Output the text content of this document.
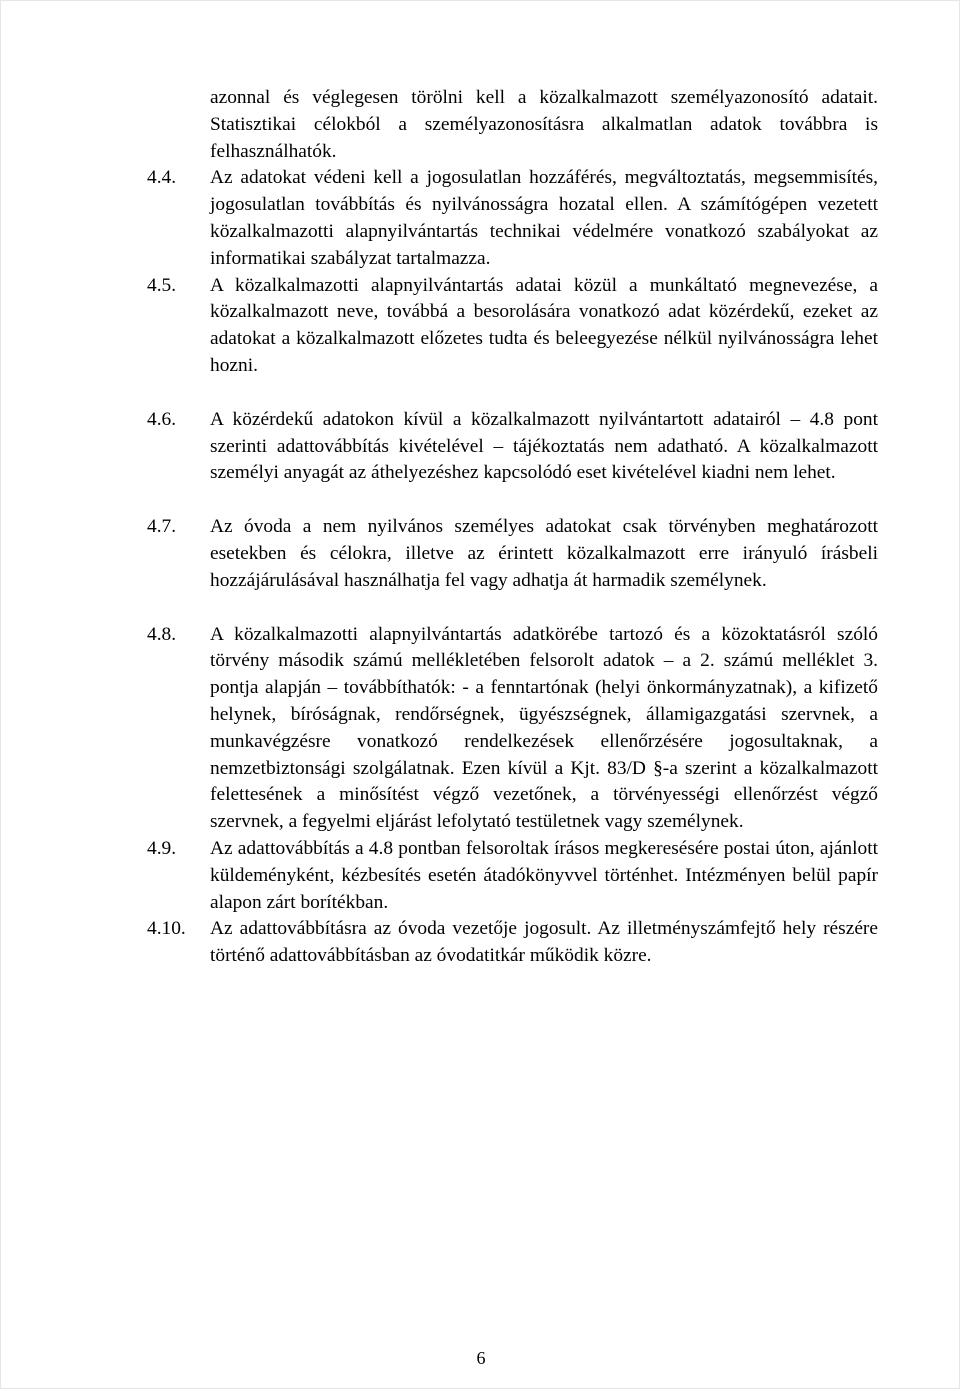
azonnal és véglegesen törölni kell a közalkalmazott személyazonosító adatait. Statisztikai célokból a személyazonosításra alkalmatlan adatok továbbra is felhasználhatók.
4.4.	Az adatokat védeni kell a jogosulatlan hozzáférés, megváltoztatás, megsemmisítés, jogosulatlan továbbítás és nyilvánosságra hozatal ellen. A számítógépen vezetett közalkalmazotti alapnyilvántartás technikai védelmére vonatkozó szabályokat az informatikai szabályzat tartalmazza.
4.5.	A közalkalmazotti alapnyilvántartás adatai közül a munkáltató megnevezése, a közalkalmazott neve, továbbá a besorolására vonatkozó adat közérdekű, ezeket az adatokat a közalkalmazott előzetes tudta és beleegyezése nélkül nyilvánosságra lehet hozni.
4.6.	A közérdekű adatokon kívül a közalkalmazott nyilvántartott adatairól – 4.8 pont szerinti adattovábbítás kivételével – tájékoztatás nem adatható. A közalkalmazott személyi anyagát az áthelyezéshez kapcsolódó eset kivételével kiadni nem lehet.
4.7.	Az óvoda a nem nyilvános személyes adatokat csak törvényben meghatározott esetekben és célokra, illetve az érintett közalkalmazott erre irányuló írásbeli hozzájárulásával használhatja fel vagy adhatja át harmadik személynek.
4.8.	A közalkalmazotti alapnyilvántartás adatkörébe tartozó és a közoktatásról szóló törvény második számú mellékletében felsorolt adatok – a 2. számú melléklet 3. pontja alapján – továbbíthatók: - a fenntartónak (helyi önkormányzatnak), a kifizető helynek, bíróságnak, rendőrségnek, ügyészségnek, államigazgatási szervnek, a munkavégzésre vonatkozó rendelkezések ellenőrzésére jogosultaknak, a nemzetbiztonsági szolgálatnak. Ezen kívül a Kjt. 83/D §-a szerint a közalkalmazott felettesének a minősítést végző vezetőnek, a törvényességi ellenőrzést végző szervnek, a fegyelmi eljárást lefolytató testületnek vagy személynek.
4.9.	Az adattovábbítás a 4.8 pontban felsoroltak írásos megkeresésére postai úton, ajánlott küldeményként, kézbesítés esetén átadókönyvvel történhet. Intézményen belül papír alapon zárt borítékban.
4.10.	Az adattovábbításra az óvoda vezetője jogosult. Az illetményszámfejtő hely részére történő adattovábbításban az óvodatitkár működik közre.
6
